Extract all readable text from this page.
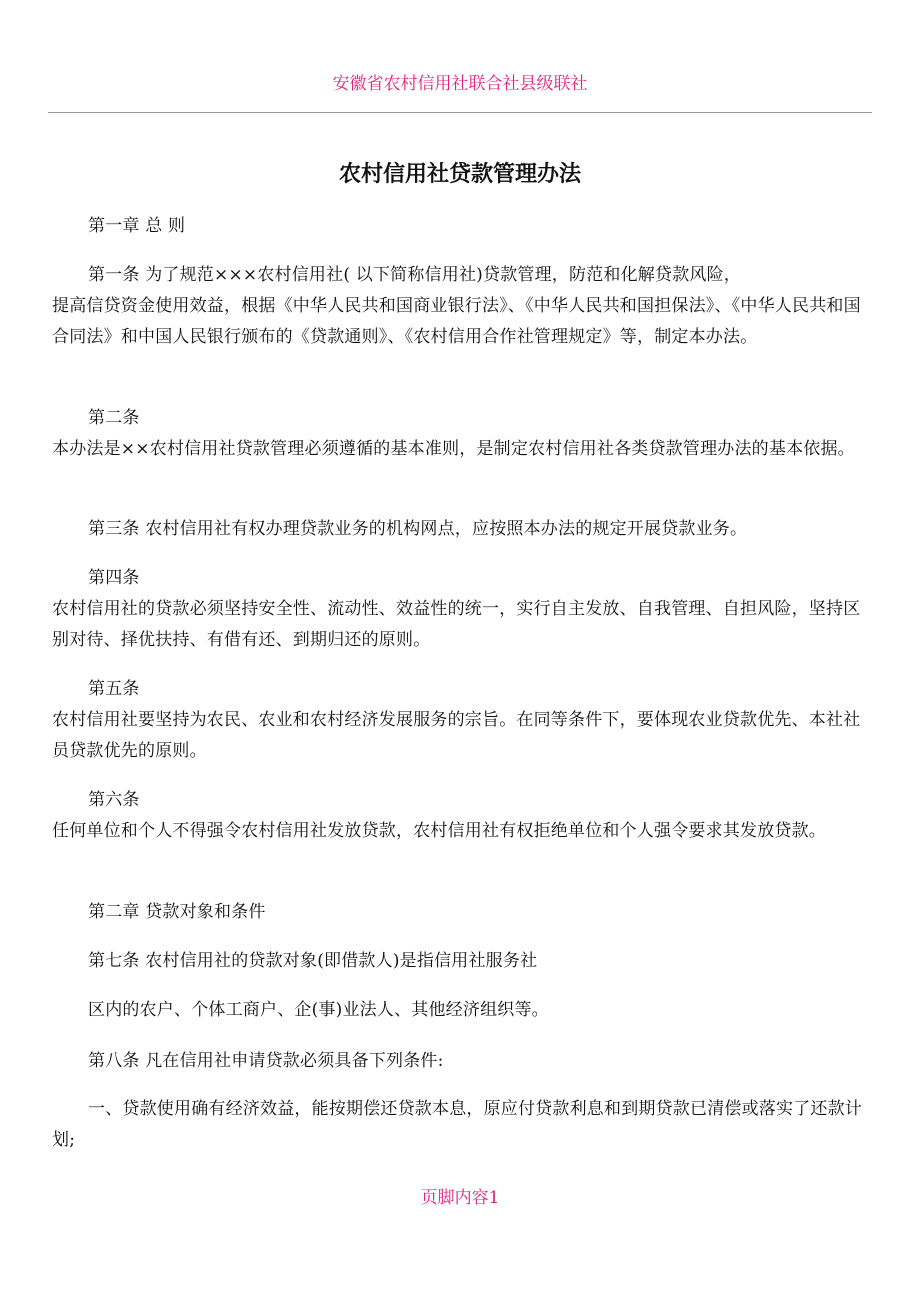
安徽省农村信用社联合社县级联社
农村信用社贷款管理办法

第一章 总 则

第一条 为了规范×××农村信用社( 以下简称信用社)贷款管理，防范和化解贷款风险，

提高信贷资金使用效益，根据《中华人民共和国商业银行法》、《中华人民共和国担保法》、《中华人民共和国合同法》和中国人民银行颁布的《贷款通则》、《农村信用合作社管理规定》等，制定本办法。

第二条

本办法是××农村信用社贷款管理必须遵循的基本准则，是制定农村信用社各类贷款管理办法的基本依据。

第三条 农村信用社有权办理贷款业务的机构网点，应按照本办法的规定开展贷款业务。

第四条

农村信用社的贷款必须坚持安全性、流动性、效益性的统一，实行自主发放、自我管理、自担风险，坚持区别对待、择优扶持、有借有还、到期归还的原则。

第五条

农村信用社要坚持为农民、农业和农村经济发展服务的宗旨。在同等条件下，要体现农业贷款优先、本社社员贷款优先的原则。

第六条

任何单位和个人不得强令农村信用社发放贷款，农村信用社有权拒绝单位和个人强令要求其发放贷款。

第二章 贷款对象和条件

第七条 农村信用社的贷款对象(即借款人)是指信用社服务社

区内的农户、个体工商户、企(事)业法人、其他经济组织等。

第八条 凡在信用社申请贷款必须具备下列条件:

一、贷款使用确有经济效益，能按期偿还贷款本息，原应付贷款利息和到期贷款已清偿或落实了还款计划;

页脚内容1
